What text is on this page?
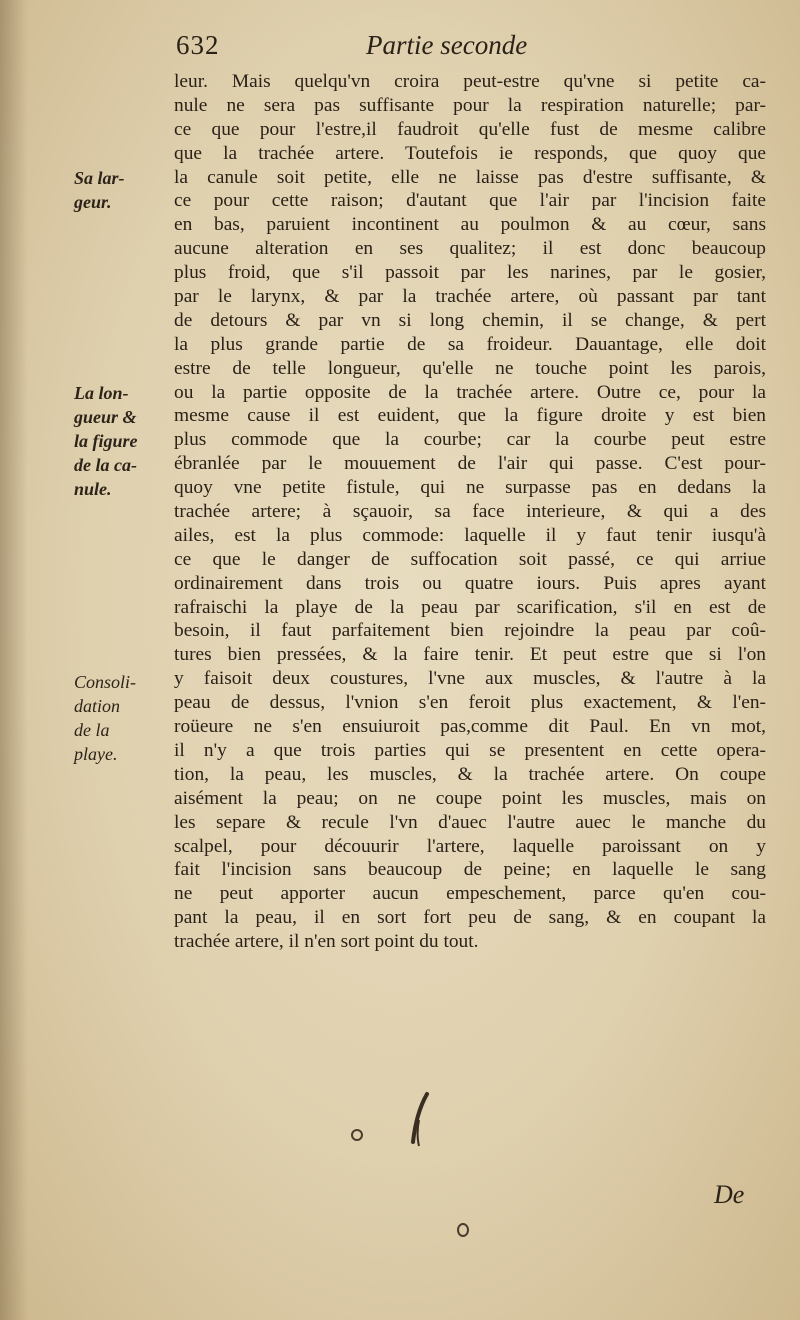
632	Partie seconde
Sa lar-
geur.
La lon-
gueur &
la figure
de la ca-
nule.
Consoli-
dation
de la
playe.
leur. Mais quelqu'vn croira peut-estre qu'vne si petite ca-
nule ne sera pas suffisante pour la respiration naturelle; par-
ce que pour l'estre,il faudroit qu'elle fust de mesme calibre
que la trachée artere. Toutefois ie responds, que quoy que
la canule soit petite, elle ne laisse pas d'estre suffisante, &
ce pour cette raison; d'autant que l'air par l'incision faite
en bas, paruient incontinent au poulmon & au cœur, sans
aucune alteration en ses qualitez; il est donc beaucoup
plus froid, que s'il passoit par les narines, par le gosier,
par le larynx, & par la trachée artere, où passant par tant
de detours & par vn si long chemin, il se change, & pert
la plus grande partie de sa froideur. Dauantage, elle doit
estre de telle longueur, qu'elle ne touche point les parois,
ou la partie opposite de la trachée artere. Outre ce, pour la
mesme cause il est euident, que la figure droite y est bien
plus commode que la courbe; car la courbe peut estre
ébranlée par le mouuement de l'air qui passe. C'est pour-
quoy vne petite fistule, qui ne surpasse pas en dedans la
trachée artere; à sçauoir, sa face interieure, & qui a des
ailes, est la plus commode: laquelle il y faut tenir iusqu'à
ce que le danger de suffocation soit passé, ce qui arriue
ordinairement dans trois ou quatre iours. Puis apres ayant
rafraischi la playe de la peau par scarification, s'il en est de
besoin, il faut parfaitement bien rejoindre la peau par coû-
tures bien pressées, & la faire tenir. Et peut estre que si l'on
y faisoit deux coustures, l'vne aux muscles, & l'autre à la
peau de dessus, l'vnion s'en feroit plus exactement, & l'en-
roüeure ne s'en ensuiuroit pas,comme dit Paul. En vn mot,
il n'y a que trois parties qui se presentent en cette opera-
tion, la peau, les muscles, & la trachée artere. On coupe
aisément la peau; on ne coupe point les muscles, mais on
les separe & recule l'vn d'auec l'autre auec le manche du
scalpel, pour découurir l'artere, laquelle paroissant on y
fait l'incision sans beaucoup de peine; en laquelle le sang
ne peut apporter aucun empeschement, parce qu'en cou-
pant la peau, il en sort fort peu de sang, & en coupant la
trachée artere, il n'en sort point du tout.
De
